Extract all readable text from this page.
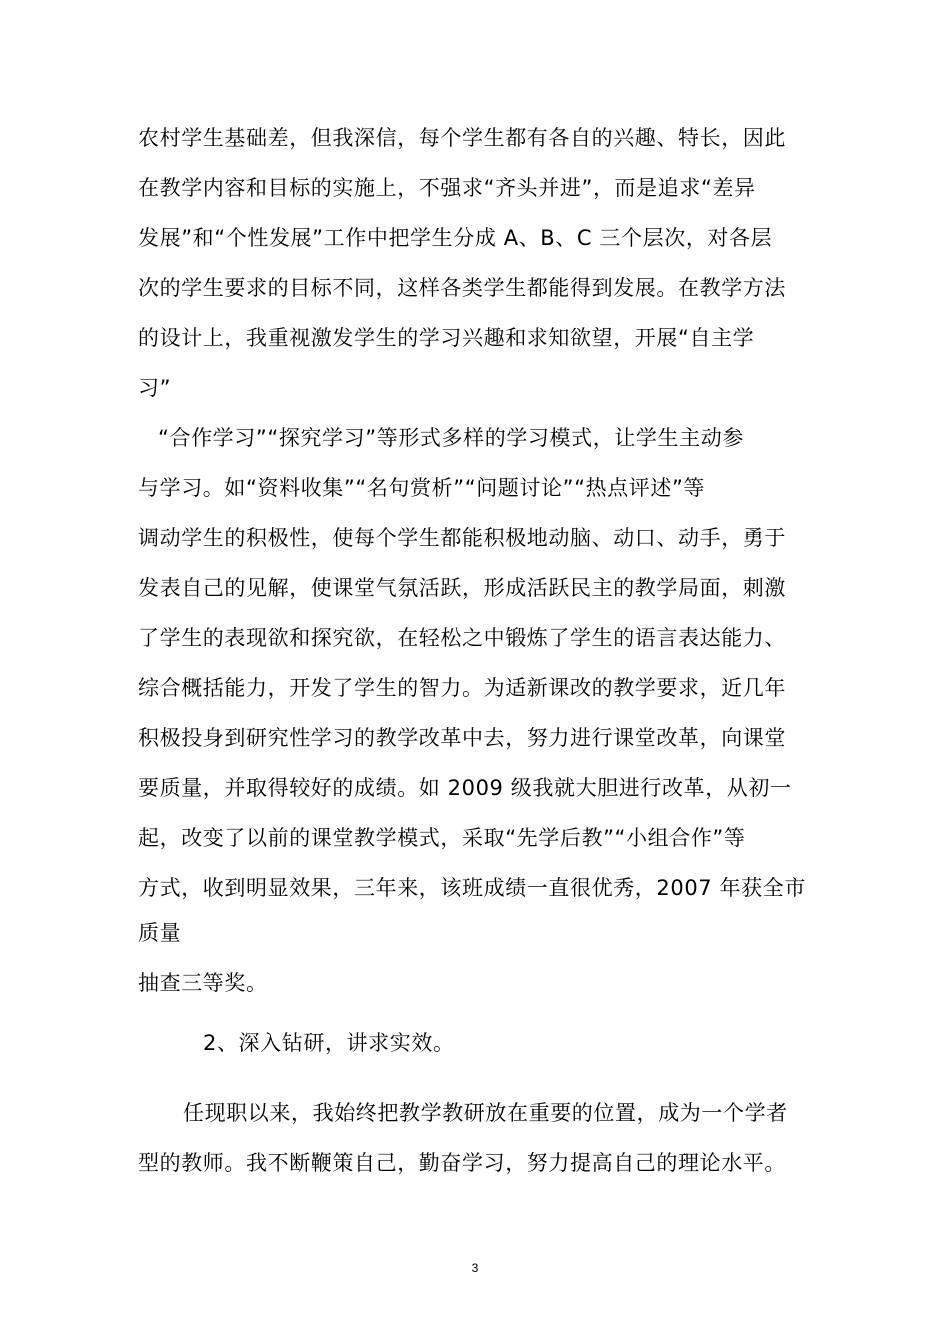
农村学生基础差，但我深信，每个学生都有各自的兴趣、特长，因此
在教学内容和目标的实施上，不强求“齐头并进”，而是追求“差异
发展”和“个性发展”工作中把学生分成 A、B、C 三个层次，对各层
次的学生要求的目标不同，这样各类学生都能得到发展。在教学方法
的设计上，我重视激发学生的学习兴趣和求知欲望，开展“自主学
习”
“合作学习”“探究学习”等形式多样的学习模式，让学生主动参
与学习。如“资料收集”“名句赏析”“问题讨论”“热点评述”等
调动学生的积极性，使每个学生都能积极地动脑、动口、动手，勇于
发表自己的见解，使课堂气氛活跃，形成活跃民主的教学局面，刺激
了学生的表现欲和探究欲，在轻松之中锻炼了学生的语言表达能力、
综合概括能力，开发了学生的智力。为适新课改的教学要求，近几年
积极投身到研究性学习的教学改革中去，努力进行课堂改革，向课堂
要质量，并取得较好的成绩。如 2009 级我就大胆进行改革，从初一
起，改变了以前的课堂教学模式，采取“先学后教”“小组合作”等
方式，收到明显效果，三年来，该班成绩一直很优秀，2007 年获全市
质量
抽查三等奖。
2、深入钻研，讲求实效。
任现职以来，我始终把教学教研放在重要的位置，成为一个学者
型的教师。我不断鞭策自己，勤奋学习，努力提高自己的理论水平。
3
